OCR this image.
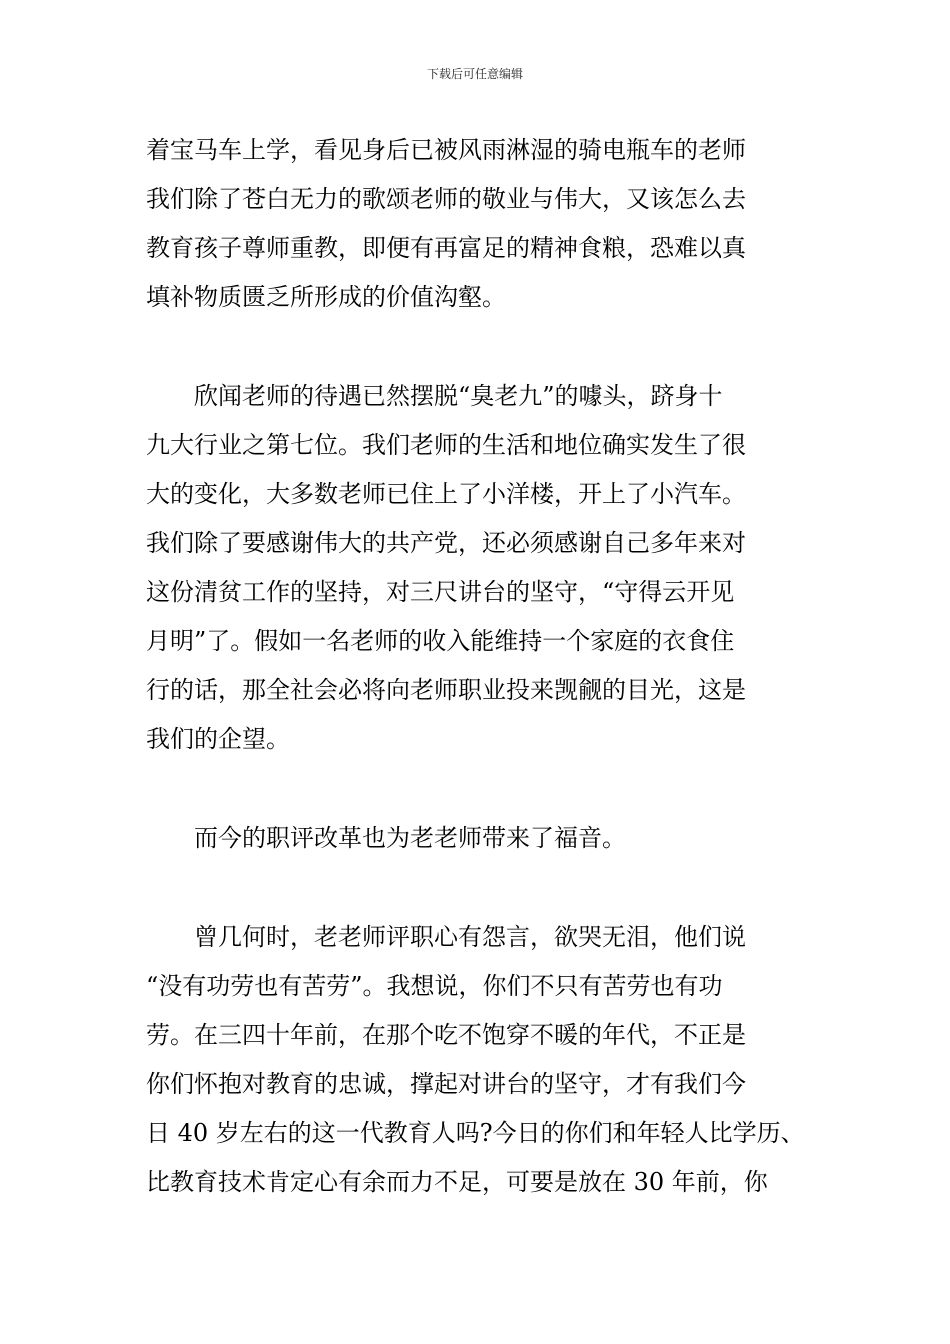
下载后可任意编辑
着宝马车上学，看见身后已被风雨淋湿的骑电瓶车的老师
我们除了苍白无力的歌颂老师的敬业与伟大，又该怎么去
教育孩子尊师重教，即便有再富足的精神食粮，恐难以真
填补物质匮乏所形成的价值沟壑。
　　欣闻老师的待遇已然摆脱“臭老九”的噱头，跻身十
九大行业之第七位。我们老师的生活和地位确实发生了很
大的变化，大多数老师已住上了小洋楼，开上了小汽车。
我们除了要感谢伟大的共产党，还必须感谢自己多年来对
这份清贫工作的坚持，对三尺讲台的坚守，“守得云开见
月明”了。假如一名老师的收入能维持一个家庭的衣食住
行的话，那全社会必将向老师职业投来觊觎的目光，这是
我们的企望。
　　而今的职评改革也为老老师带来了福音。
　　曾几何时，老老师评职心有怨言，欲哭无泪，他们说
“没有功劳也有苦劳”。我想说，你们不只有苦劳也有功
劳。在三四十年前，在那个吃不饱穿不暖的年代，不正是
你们怀抱对教育的忠诚，撑起对讲台的坚守，才有我们今
日 40 岁左右的这一代教育人吗?今日的你们和年轻人比学历、
比教育技术肯定心有余而力不足，可要是放在 30 年前，你
